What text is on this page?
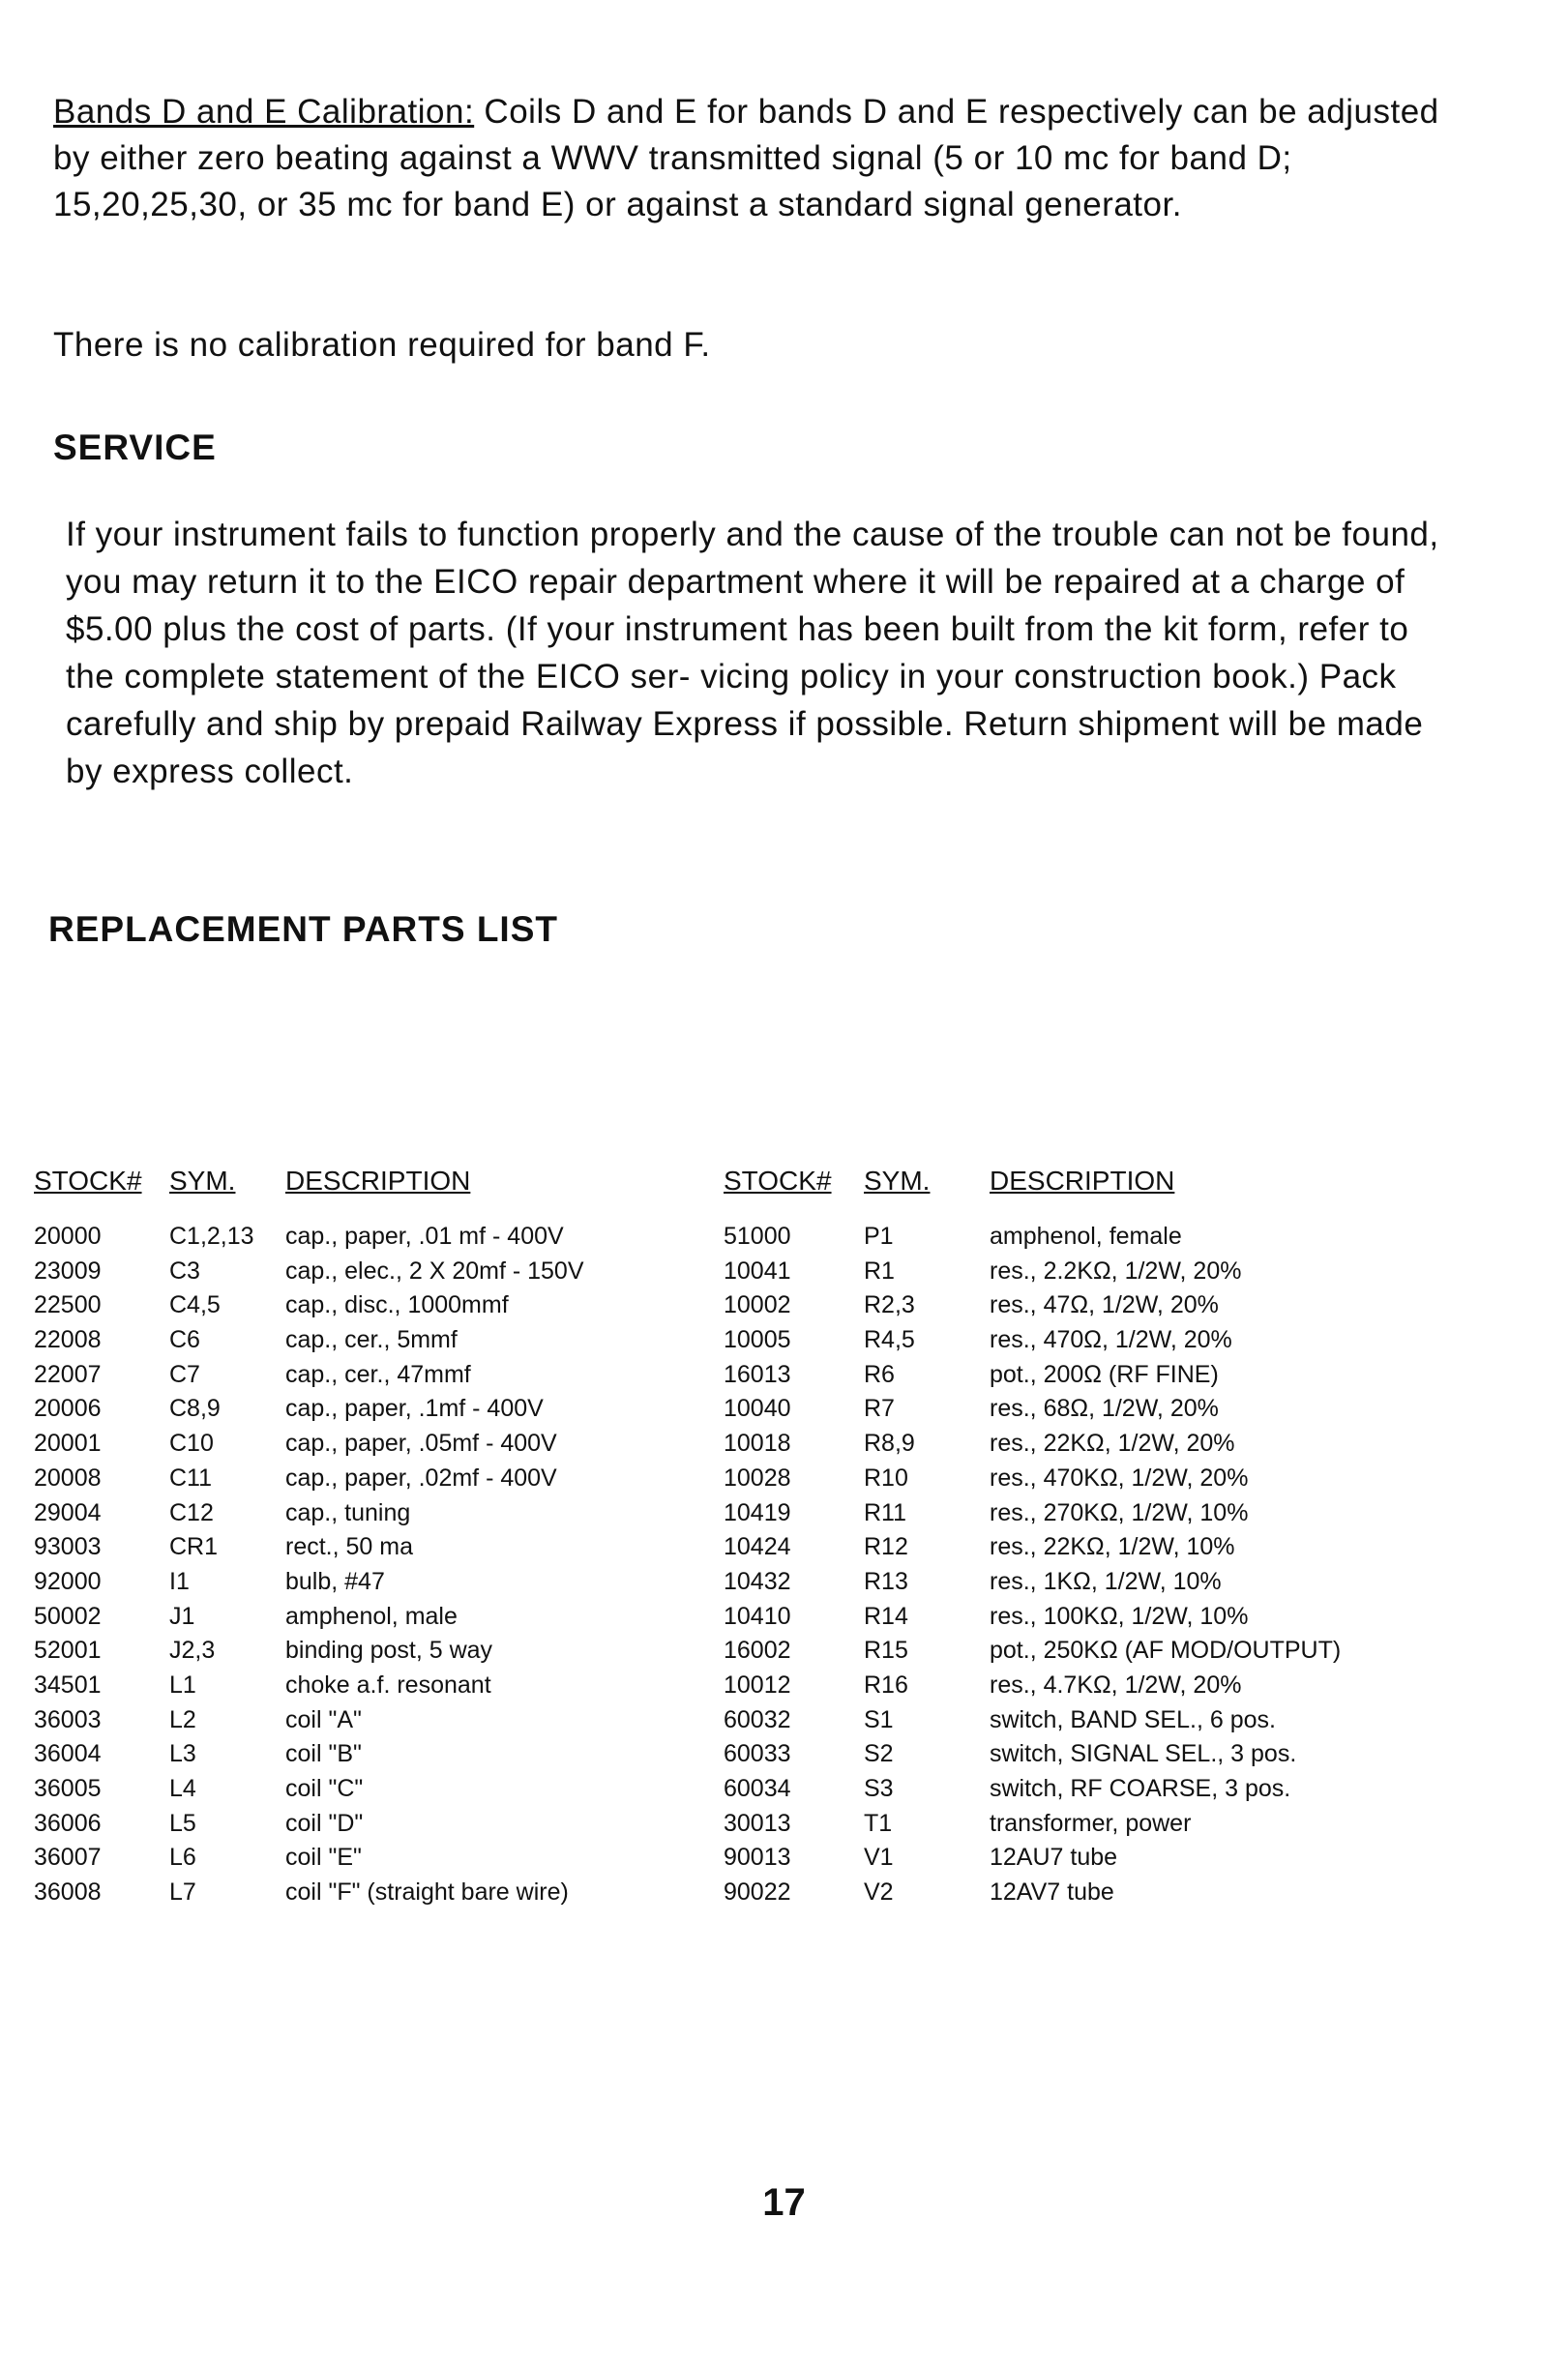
Bands D and E Calibration: Coils D and E for bands D and E respectively can be adjusted by either zero beating against a WWV transmitted signal (5 or 10 mc for band D; 15,20,25,30, or 35 mc for band E) or against a standard signal generator.
There is no calibration required for band F.
SERVICE
If your instrument fails to function properly and the cause of the trouble can not be found, you may return it to the EICO repair department where it will be repaired at a charge of $5.00 plus the cost of parts. (If your instrument has been built from the kit form, refer to the complete statement of the EICO ser- vicing policy in your construction book.) Pack carefully and ship by prepaid Railway Express if possible. Return shipment will be made by express collect.
REPLACEMENT PARTS LIST
STOCK# SYM. DESCRIPTION
20000	C1,2,13 cap., paper, .01 mf - 400V
23009	C3	cap., elec., 2 X 20mf - 150V
22500	C4,5	cap., disc., 1000mmf
22008	C6	cap., cer., 5mmf
22007	C7	cap., cer., 47mmf
20006	C8,9	cap., paper, .1mf - 400V
20001	C10	cap., paper, .05mf - 400V
20008	C11	cap., paper, .02mf - 400V
29004	C12	cap., tuning
93003	CR1	rect., 50 ma
92000	I1	bulb, #47
50002	J1	amphenol, male
52001	J2,3	binding post, 5 way
34501	L1	choke a.f. resonant
36003	L2	coil "A"
36004	L3	coil "B"
36005	L4	coil "C"
36006	L5	coil "D"
36007	L6	coil "E"
36008	L7	coil "F" (straight bare wire)
STOCK# SYM. DESCRIPTION
51000	P1	amphenol, female
10041	R1	res., 2.2KΩ, 1/2W, 20%
10002	R2,3	res., 47Ω, 1/2W, 20%
10005	R4,5	res., 470Ω, 1/2W, 20%
16013	R6	pot., 200Ω (RF FINE)
10040	R7	res., 68Ω, 1/2W, 20%
10018	R8,9	res., 22KΩ, 1/2W, 20%
10028	R10	res., 470KΩ, 1/2W, 20%
10419	R11	res., 270KΩ, 1/2W, 10%
10424	R12	res., 22KΩ, 1/2W, 10%
10432	R13	res., 1KΩ, 1/2W, 10%
10410	R14	res., 100KΩ, 1/2W, 10%
16002	R15	pot., 250KΩ (AF MOD/OUTPUT)
10012	R16	res., 4.7KΩ, 1/2W, 20%
60032	S1	switch, BAND SEL., 6 pos.
60033	S2	switch, SIGNAL SEL., 3 pos.
60034	S3	switch, RF COARSE, 3 pos.
30013	T1	transformer, power
90013	V1	12AU7 tube
90022	V2	12AV7 tube
17
